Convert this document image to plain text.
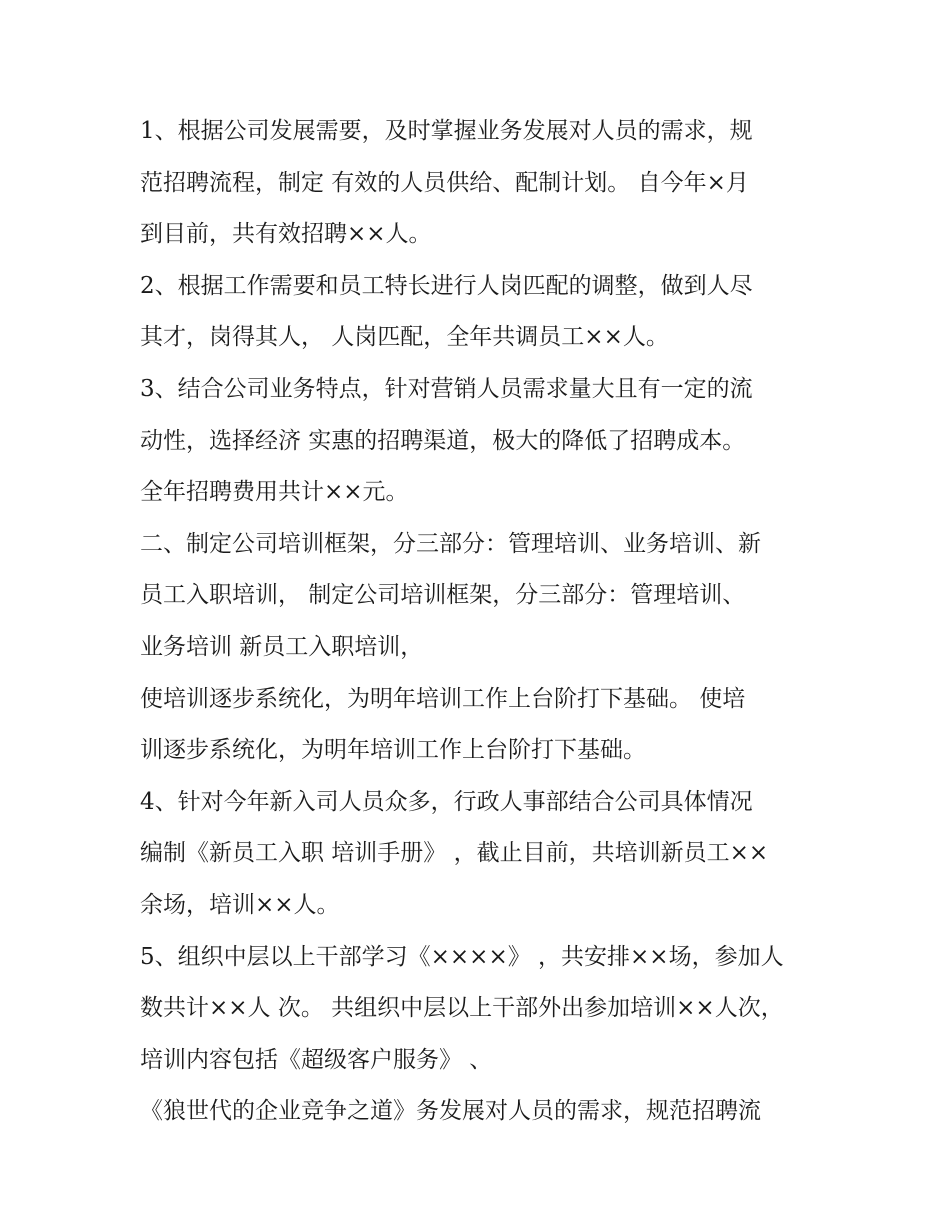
1、根据公司发展需要，及时掌握业务发展对人员的需求，规
范招聘流程，制定 有效的人员供给、配制计划。 自今年×月
到目前，共有效招聘××人。
2、根据工作需要和员工特长进行人岗匹配的调整，做到人尽
其才，岗得其人， 人岗匹配，全年共调员工××人。
3、结合公司业务特点，针对营销人员需求量大且有一定的流
动性，选择经济 实惠的招聘渠道，极大的降低了招聘成本。
全年招聘费用共计××元。
二、制定公司培训框架，分三部分：管理培训、业务培训、新
员工入职培训， 制定公司培训框架，分三部分：管理培训、
业务培训 新员工入职培训，
使培训逐步系统化，为明年培训工作上台阶打下基础。 使培
训逐步系统化，为明年培训工作上台阶打下基础。
4、针对今年新入司人员众多，行政人事部结合公司具体情况
编制《新员工入职 培训手册》 ，截止目前，共培训新员工××
余场，培训××人。
5、组织中层以上干部学习《××××》 ，共安排××场，参加人
数共计××人 次。 共组织中层以上干部外出参加培训××人次，
培训内容包括《超级客户服务》 、
《狼世代的企业竞争之道》务发展对人员的需求，规范招聘流
